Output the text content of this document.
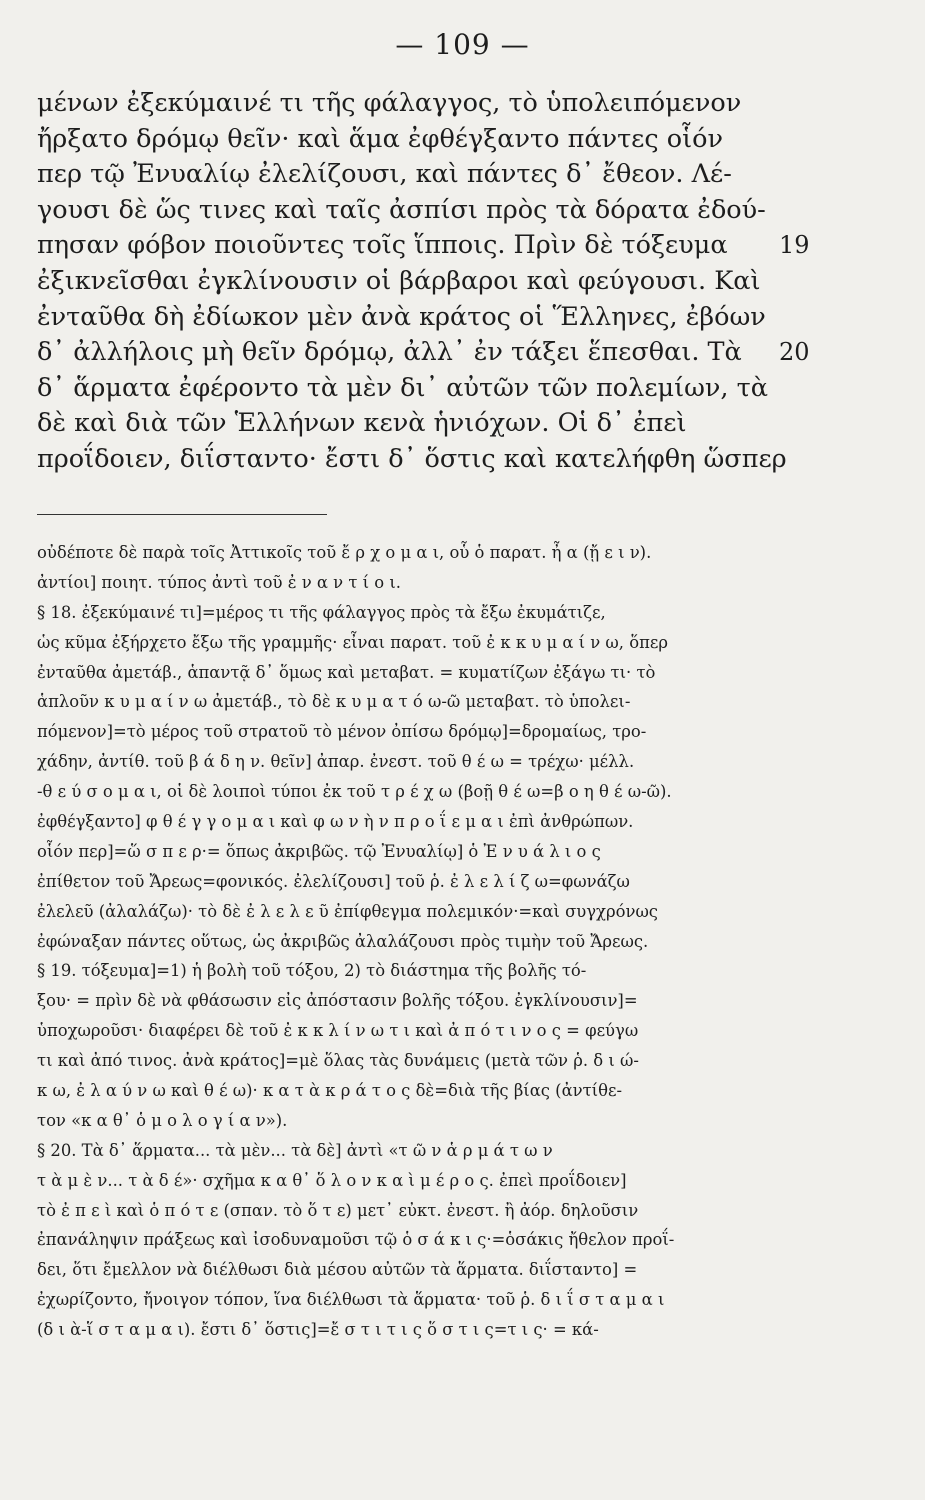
— 109 —
μένων ἐξεκύμαινέ τι τῆς φάλαγγος, τὸ ὑπολειπόμενον
ἤρξατο δρόμῳ θεῖν· καὶ ἅμα ἐφθέγξαντο πάντες οἷόν
περ τῷ Ἐνυαλίῳ ἐλελίζουσι, καὶ πάντες δ᾽ ἔθεον. Λέ-
γουσι δὲ ὥς τινες καὶ ταῖς ἀσπίσι πρὸς τὰ δόρατα ἐδού-
πησαν φόβον ποιοῦντες τοῖς ἵπποις. Πρὶν δὲ τόξευμα 19
ἐξικνεῖσθαι ἐγκλίνουσιν οἱ βάρβαροι καὶ φεύγουσι. Καὶ
ἐνταῦθα δὴ ἐδίωκον μὲν ἀνὰ κράτος οἱ Ἕλληνες, ἐβόων
δ᾽ ἀλλήλοις μὴ θεῖν δρόμῳ, ἀλλ᾽ ἐν τάξει ἕπεσθαι. Τὰ 20
δ᾽ ἅρματα ἐφέροντο τὰ μὲν δι᾽ αὐτῶν τῶν πολεμίων, τὰ
δὲ καὶ διὰ τῶν Ἑλλήνων κενὰ ἡνιόχων. Οἱ δ᾽ ἐπεὶ
προΐδοιεν, διΐσταντο· ἔστι δ᾽ ὅστις καὶ κατελήφθη ὥσπερ
οὐδέποτε δὲ παρὰ τοῖς Ἀττικοῖς τοῦ ἔ ρ χ ο μ α ι, οὗ ὁ παρατ. ἦ α (ᾔ ε ι ν).
ἀντίοι] ποιητ. τύπος ἀντὶ τοῦ ἐ ν α ν τ ί ο ι.
§ 18. ἐξεκύμαινέ τι]=μέρος τι τῆς φάλαγγος πρὸς τὰ ἔξω ἐκυμάτιζε,
ὡς κῦμα ἐξήρχετο ἔξω τῆς γραμμῆς· εἶναι παρατ. τοῦ ἐ κ κ υ μ α ί ν ω, ὅπερ
ἐνταῦθα ἀμετάβ., ἁπαντᾷ δ᾽ ὅμως καὶ μεταβατ. = κυματίζων ἐξάγω τι· τὸ
ἁπλοῦν κ υ μ α ί ν ω ἀμετάβ., τὸ δὲ κ υ μ α τ ό ω-ῶ μεταβατ. τὸ ὑπολει-
πόμενον]=τὸ μέρος τοῦ στρατοῦ τὸ μένον ὀπίσω δρόμῳ]=δρομαίως, τρο-
χάδην, ἀντίθ. τοῦ β ά δ η ν. θεῖν] ἀπαρ. ἐνεστ. τοῦ θ έ ω = τρέχω· μέλλ.
-θ ε ύ σ ο μ α ι, οἱ δὲ λοιποὶ τύποι ἐκ τοῦ τ ρ έ χ ω (βοῇ θ έ ω=β ο η θ έ ω-ῶ).
ἐφθέγξαντο] φ θ έ γ γ ο μ α ι καὶ φ ω ν ὴ ν π ρ ο ΐ ε μ α ι ἐπὶ ἀνθρώπων.
οἷόν περ]=ὥ σ π ε ρ·= ὅπως ἀκριβῶς. τῷ Ἐνυαλίῳ] ὁ Ἐ ν υ ά λ ι ο ς
ἐπίθετον τοῦ Ἄρεως=φονικός. ἐλελίζουσι] τοῦ ῥ. ἐ λ ε λ ί ζ ω=φωνάζω
ἐλελεῦ (ἀλαλάζω)· τὸ δὲ ἐ λ ε λ ε ῦ ἐπίφθεγμα πολεμικόν·=καὶ συγχρόνως
ἐφώναξαν πάντες οὕτως, ὡς ἀκριβῶς ἀλαλάζουσι πρὸς τιμὴν τοῦ Ἄρεως.
§ 19. τόξευμα]=1) ἡ βολὴ τοῦ τόξου, 2) τὸ διάστημα τῆς βολῆς τό-
ξου· = πρὶν δὲ νὰ φθάσωσιν εἰς ἀπόστασιν βολῆς τόξου. ἐγκλίνουσιν]=
ὑποχωροῦσι· διαφέρει δὲ τοῦ ἐ κ κ λ ί ν ω τ ι καὶ ἀ π ό τ ι ν ο ς = φεύγω
τι καὶ ἀπό τινος. ἀνὰ κράτος]=μὲ ὅλας τὰς δυνάμεις (μετὰ τῶν ῥ. δ ι ώ-
κ ω, ἐ λ α ύ ν ω καὶ θ έ ω)· κ α τ ὰ κ ρ ά τ ο ς δὲ=διὰ τῆς βίας (ἀντίθε-
τον «κ α θ᾽ ὁ μ ο λ ο γ ί α ν»).
§ 20. Τὰ δ᾽ ἅρματα... τὰ μὲν... τὰ δὲ] ἀντὶ «τ ῶ ν ἁ ρ μ ά τ ω ν
τ ὰ μ ὲ ν... τ ὰ δ έ»· σχῆμα κ α θ᾽ ὅ λ ο ν κ α ὶ μ έ ρ ο ς. ἐπεὶ προΐδοιεν]
τὸ ἐ π ε ὶ καὶ ὁ π ό τ ε (σπαν. τὸ ὅ τ ε) μετ᾽ εὐκτ. ἐνεστ. ἢ ἀόρ. δηλοῦσιν
ἐπανάληψιν πράξεως καὶ ἰσοδυναμοῦσι τῷ ὁ σ ά κ ι ς·=ὁσάκις ἤθελον προΐ-
δει, ὅτι ἔμελλον νὰ διέλθωσι διὰ μέσου αὐτῶν τὰ ἅρματα. διΐσταντο] =
ἐχωρίζοντο, ἤνοιγον τόπον, ἵνα διέλθωσι τὰ ἅρματα· τοῦ ῥ. δ ι ΐ σ τ α μ α ι
(δ ι ὰ-ἵ σ τ α μ α ι). ἔστι δ᾽ ὅστις]=ἔ σ τ ι τ ι ς ὅ σ τ ι ς=τ ι ς· = κά-
